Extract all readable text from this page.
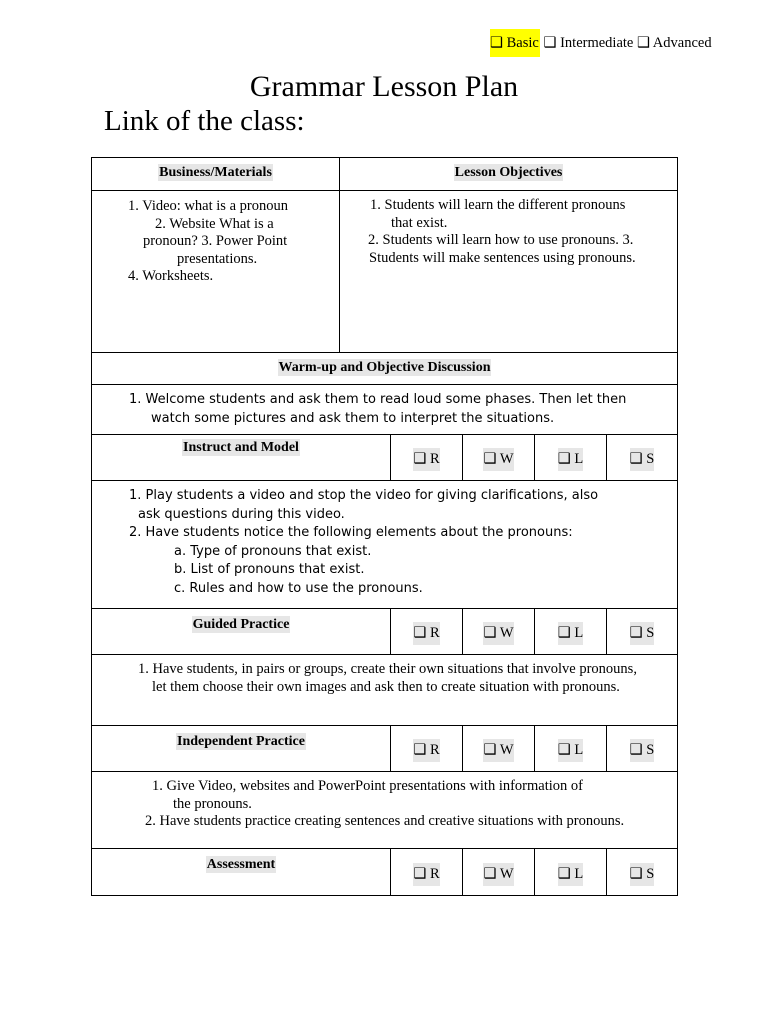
❑ Basic ❑ Intermediate ❑ Advanced
Grammar Lesson Plan
Link of the class:
Business/Materials	Lesson Objectives

1. Video: what is a pronoun

2. Website What is a

pronoun? 3. Power Point

presentations.

4. Worksheets.

1. Students will learn the different pronouns

that exist.

2. Students will learn how to use pronouns. 3.

Students will make sentences using pronouns.

Warm-up and Objective Discussion

1. Welcome students and ask them to read loud some phases. Then let then

watch some pictures and ask them to interpret the situations.

Instruct and Model
❑ R	❑ W	❑ L	❑ S

1. Play students a video and stop the video for giving clarifications, also

ask questions during this video.

2. Have students notice the following elements about the pronouns:

a. Type of pronouns that exist.

b. List of pronouns that exist.

c. Rules and how to use the pronouns.

Guided Practice
❑ R	❑ W	❑ L	❑ S

1. Have students, in pairs or groups, create their own situations that involve pronouns,

let them choose their own images and ask then to create situation with pronouns.

Independent Practice
❑ R	❑ W	❑ L	❑ S

1. Give Video, websites and PowerPoint presentations with information of

the pronouns.

2. Have students practice creating sentences and creative situations with pronouns.

Assessment
❑ R	❑ W	❑ L	❑ S
